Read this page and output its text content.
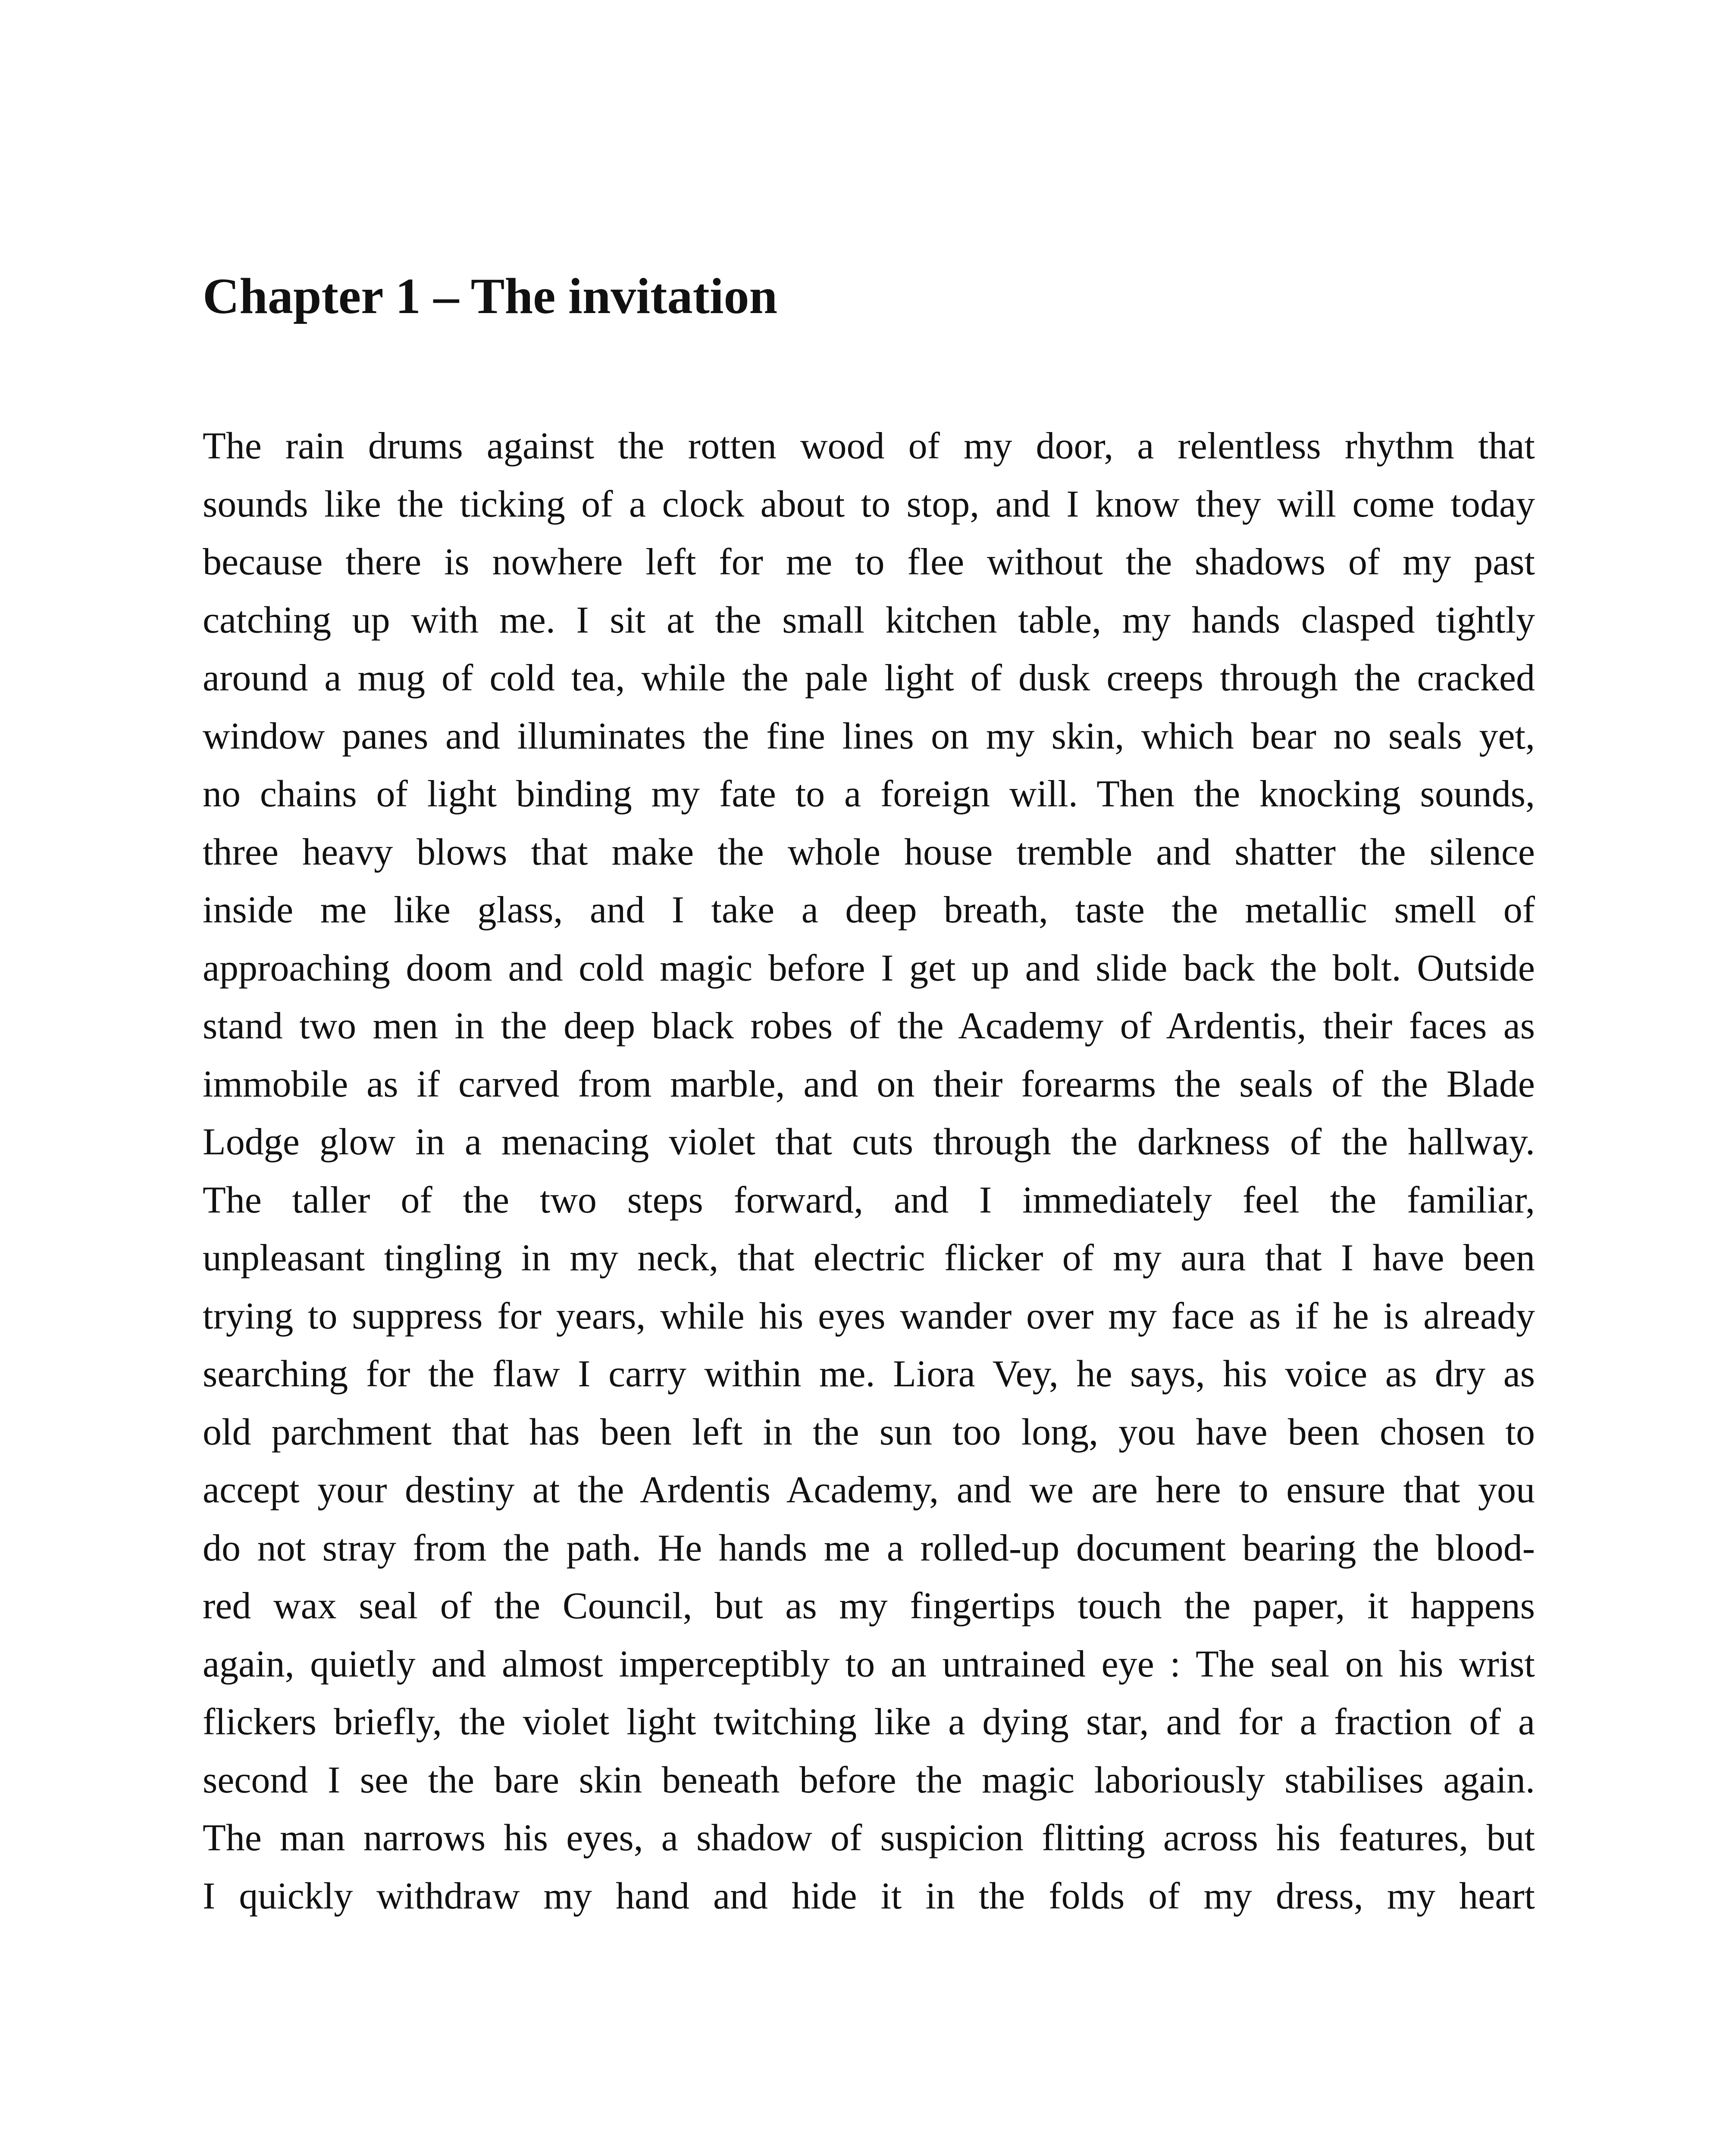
Chapter 1 – The invitation
The rain drums against the rotten wood of my door, a relentless rhythm that
sounds like the ticking of a clock about to stop, and I know they will come today
because there is nowhere left for me to flee without the shadows of my past
catching up with me. I sit at the small kitchen table, my hands clasped tightly
around a mug of cold tea, while the pale light of dusk creeps through the cracked
window panes and illuminates the fine lines on my skin, which bear no seals yet,
no chains of light binding my fate to a foreign will. Then the knocking sounds,
three heavy blows that make the whole house tremble and shatter the silence
inside me like glass, and I take a deep breath, taste the metallic smell of
approaching doom and cold magic before I get up and slide back the bolt. Outside
stand two men in the deep black robes of the Academy of Ardentis, their faces as
immobile as if carved from marble, and on their forearms the seals of the Blade
Lodge glow in a menacing violet that cuts through the darkness of the hallway.
The taller of the two steps forward, and I immediately feel the familiar,
unpleasant tingling in my neck, that electric flicker of my aura that I have been
trying to suppress for years, while his eyes wander over my face as if he is already
searching for the flaw I carry within me. Liora Vey, he says, his voice as dry as
old parchment that has been left in the sun too long, you have been chosen to
accept your destiny at the Ardentis Academy, and we are here to ensure that you
do not stray from the path. He hands me a rolled-up document bearing the blood-
red wax seal of the Council, but as my fingertips touch the paper, it happens
again, quietly and almost imperceptibly to an untrained eye : The seal on his wrist
flickers briefly, the violet light twitching like a dying star, and for a fraction of a
second I see the bare skin beneath before the magic laboriously stabilises again.
The man narrows his eyes, a shadow of suspicion flitting across his features, but
I quickly withdraw my hand and hide it in the folds of my dress, my heart
